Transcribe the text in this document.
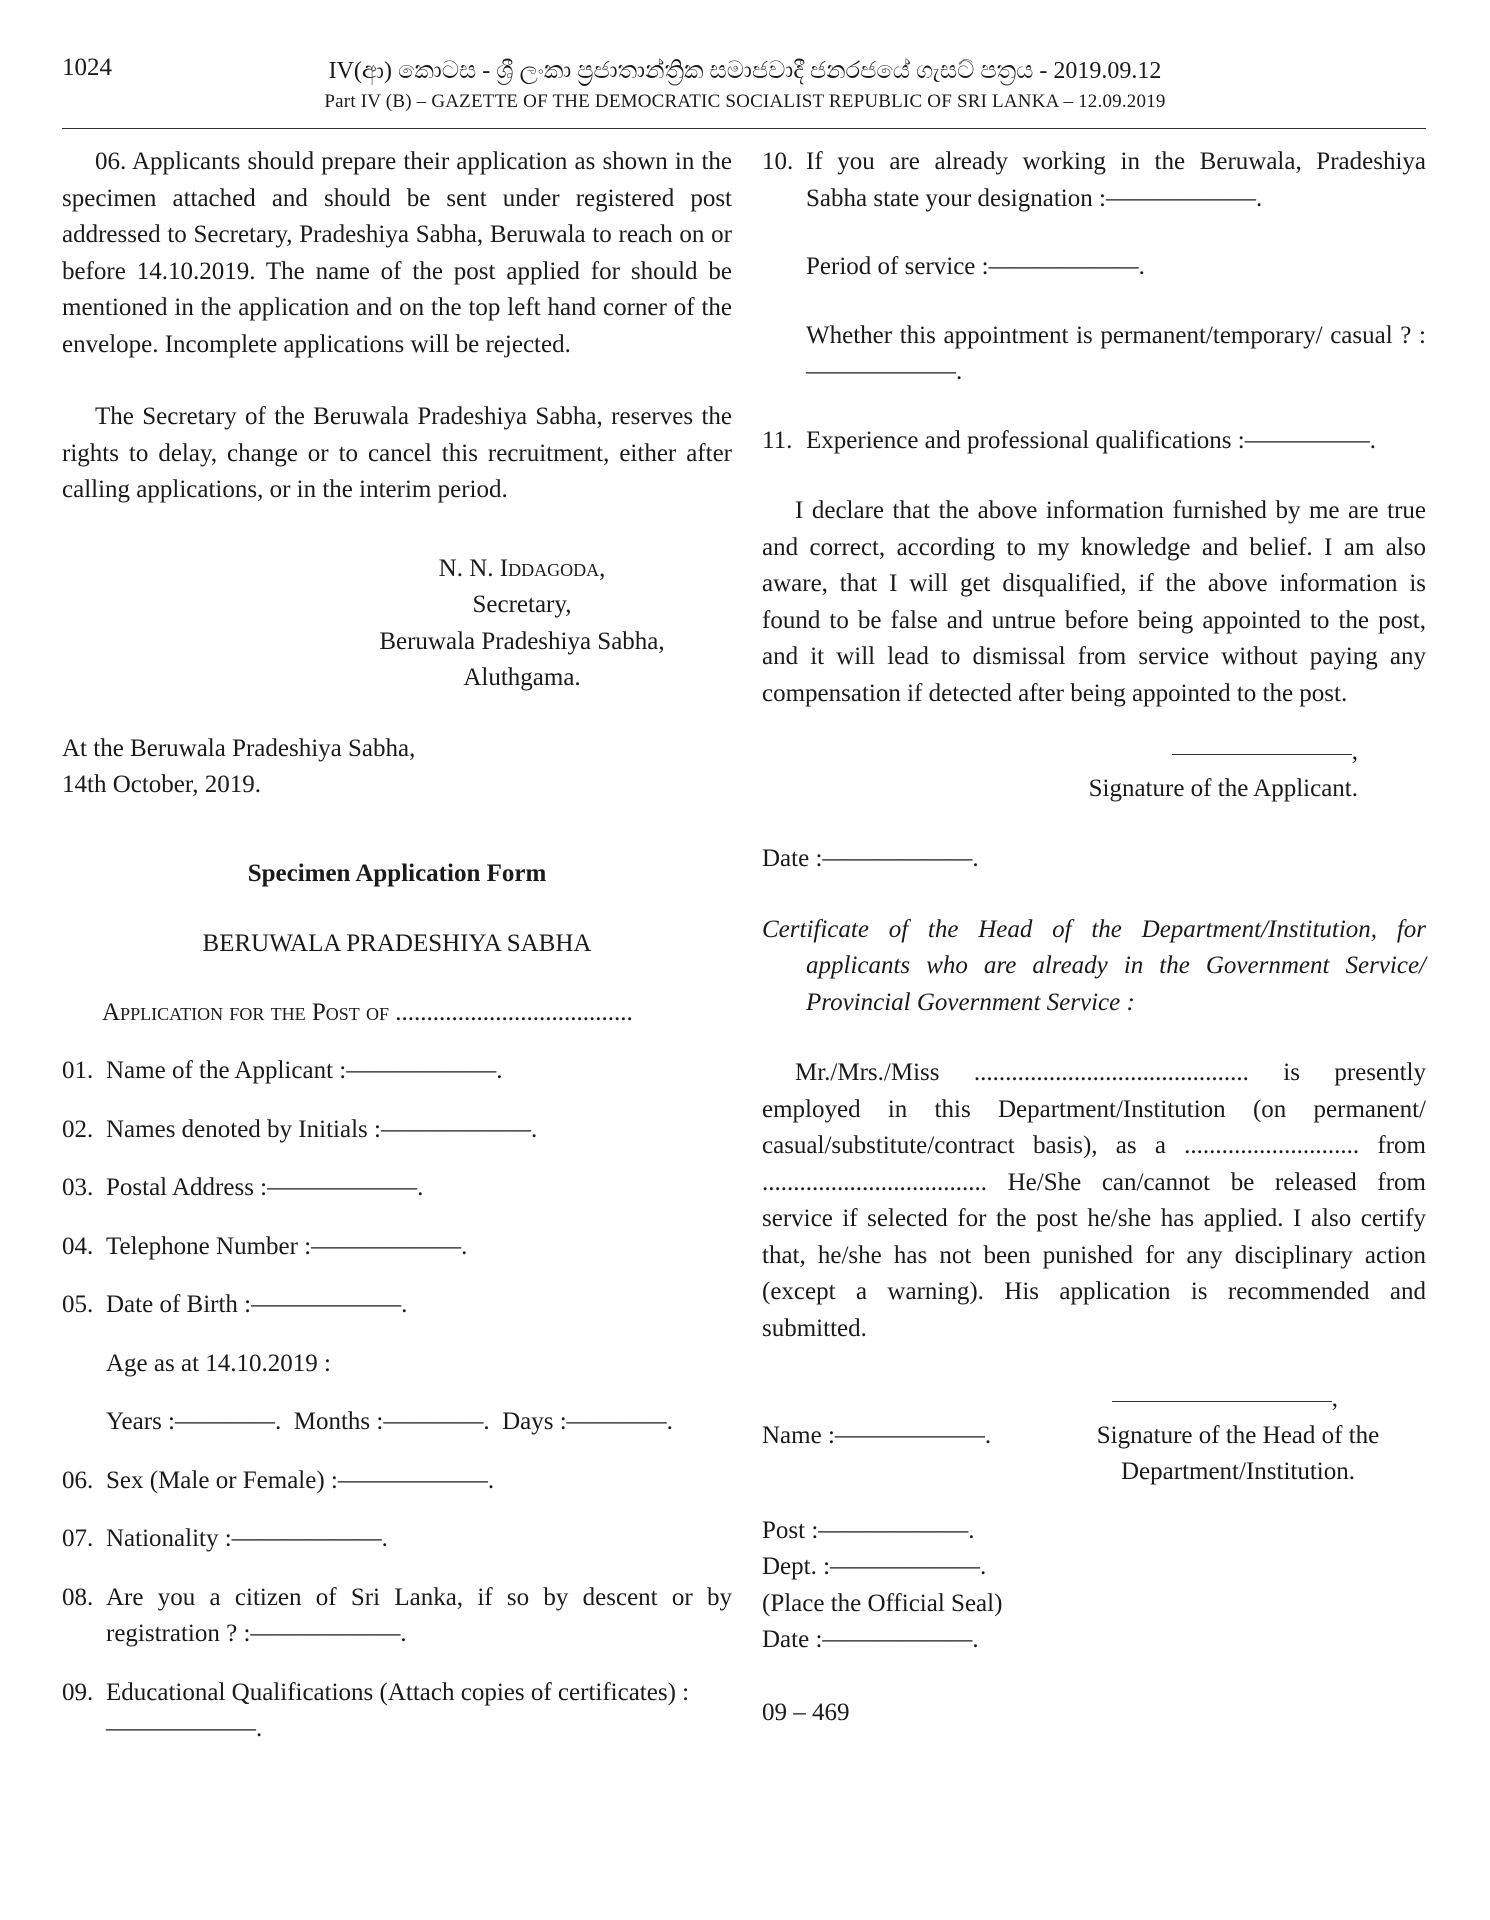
1024	IV(ආ) කොටස - ශ්‍රී ලංකා ප්‍රජාතාන්ත්‍රික සමාජවාදී ජනරජයේ ගැසට් පත්‍රය - 2019.09.12
Part IV (B) – GAZETTE OF THE DEMOCRATIC SOCIALIST REPUBLIC OF SRI LANKA – 12.09.2019

06. Applicants should prepare their application as shown in the specimen attached and should be sent under registered post addressed to Secretary, Pradeshiya Sabha, Beruwala to reach on or before 14.10.2019. The name of the post applied for should be mentioned in the application and on the top left hand corner of the envelope. Incomplete applications will be rejected.

The Secretary of the Beruwala Pradeshiya Sabha, reserves the rights to delay, change or to cancel this recruitment, either after calling applications, or in the interim period.

N. N. Iddagoda,
Secretary,
Beruwala Pradeshiya Sabha,
Aluthgama.
At the Beruwala Pradeshiya Sabha,
14th October, 2019.
Specimen Application Form
BERUWALA PRADESHIYA SABHA
Application for the Post of ......................................
01. Name of the Applicant :——————.
02. Names denoted by Initials :——————.
03. Postal Address :——————.
04. Telephone Number :——————.
05. Date of Birth :——————.
Age as at 14.10.2019 :
Years :————.  Months :————.  Days :————.
06. Sex (Male or Female) :——————.
07. Nationality :——————.
08. Are you a citizen of Sri Lanka, if so by descent or by registration ? :——————.
09. Educational Qualifications (Attach copies of certificates) :——————.
10. If you are already working in the Beruwala, Pradeshiya Sabha state your designation :——————.
Period of service :——————.
Whether this appointment is permanent/temporary/ casual ? :——————.
11. Experience and professional qualifications :—————.

I declare that the above information furnished by me are true and correct, according to my knowledge and belief. I am also aware, that I will get disqualified, if the above information is found to be false and untrue before being appointed to the post, and it will lead to dismissal from service without paying any compensation if detected after being appointed to the post.

,
Signature of the Applicant.
Date :——————.
Certificate of the Head of the Department/Institution, for applicants who are already in the Government Service/ Provincial Government Service :

Mr./Mrs./Miss ............................................ is presently employed in this Department/Institution (on permanent/ casual/substitute/contract basis), as a ............................ from .................................... He/She can/cannot be released from service if selected for the post he/she has applied. I also certify that, he/she has not been punished for any disciplinary action (except a warning). His application is recommended and submitted.

,
Name :——————.	Signature of the Head of the
Department/Institution.
Post :——————.
Dept. :——————.
(Place the Official Seal)
Date :——————.
09 – 469
